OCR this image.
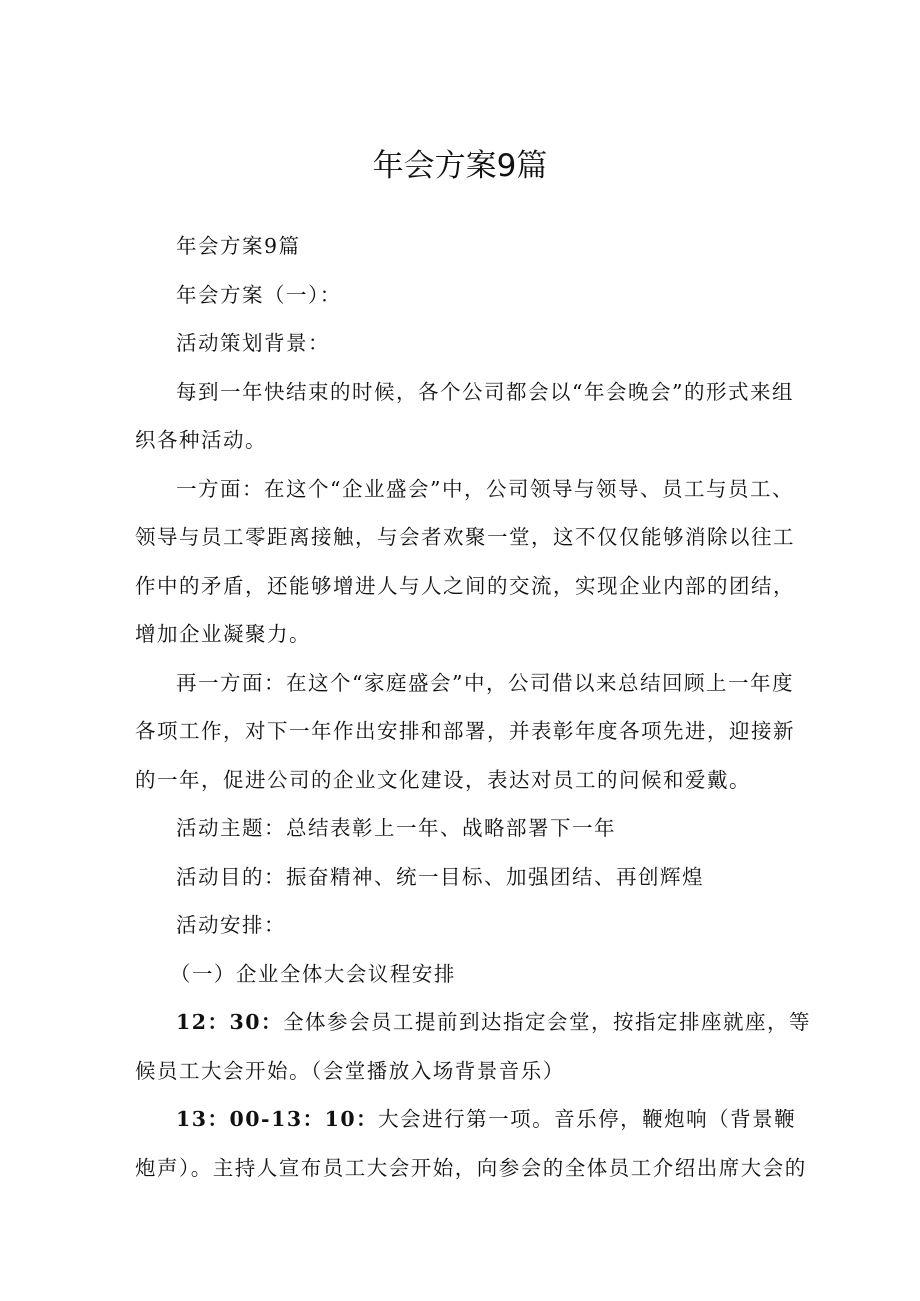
年会方案9篇

年会方案9篇

年会方案（一）：

活动策划背景：

每到一年快结束的时候，各个公司都会以“年会晚会”的形式来组织各种活动。

一方面：在这个“企业盛会”中，公司领导与领导、员工与员工、领导与员工零距离接触，与会者欢聚一堂，这不仅仅能够消除以往工作中的矛盾，还能够增进人与人之间的交流，实现企业内部的团结，增加企业凝聚力。

再一方面：在这个“家庭盛会”中，公司借以来总结回顾上一年度各项工作，对下一年作出安排和部署，并表彰年度各项先进，迎接新的一年，促进公司的企业文化建设，表达对员工的问候和爱戴。

活动主题：总结表彰上一年、战略部署下一年

活动目的：振奋精神、统一目标、加强团结、再创辉煌

活动安排：

（一）企业全体大会议程安排

12：30：全体参会员工提前到达指定会堂，按指定排座就座，等候员工大会开始。（会堂播放入场背景音乐）

13：00-13：10：大会进行第一项。音乐停，鞭炮响（背景鞭炮声）。主持人宣布员工大会开始，向参会的全体员工介绍出席大会的
